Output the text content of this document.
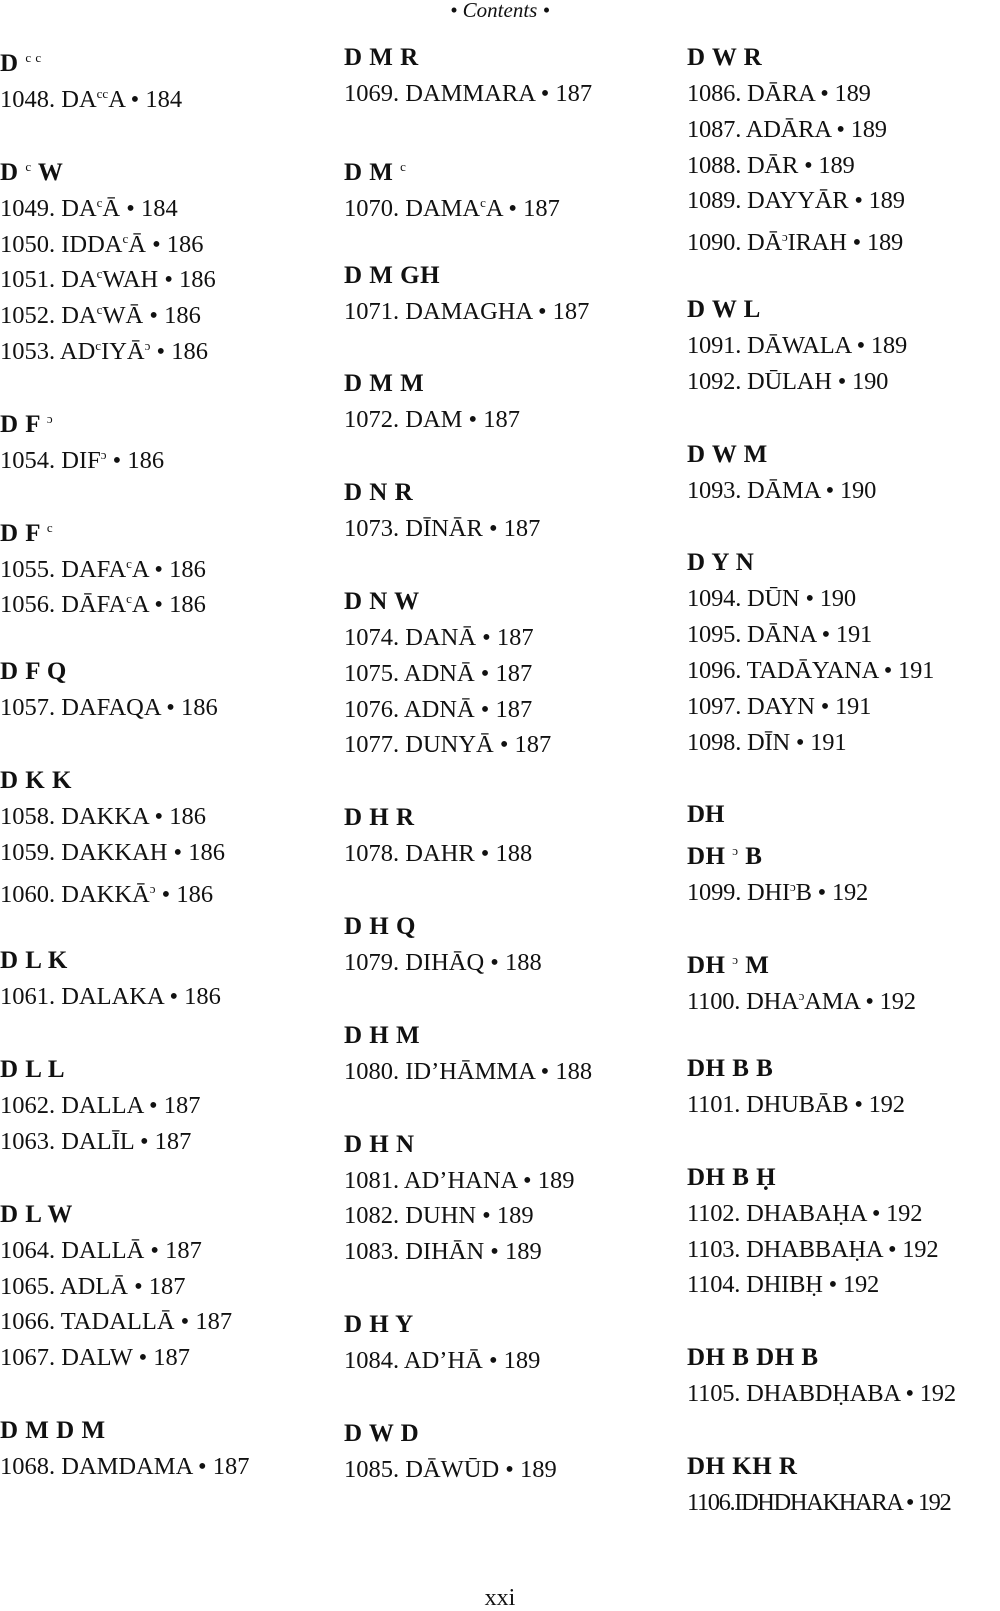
• Contents •
D $^{c c}$
1048. $DA^{cc}A$ • 184
D $^c$ W
1049. $DA^cĀ$ • 184
1050. IDDA$^c$Ā • 186
1051. $DA^cWAH$ • 186
1052. $DA^cWĀ$ • 186
1053. $AD^cIYĀ^ɔ$ • 186
D F $^ɔ$
1054. $DIF^ɔ$ • 186
D F $^c$
1055. DAFA$^c$A • 186
1056. DĀFA$^c$A • 186
D F Q
1057. DAFAQA • 186
D K K
1058. DAKKA • 186
1059. DAKKAH • 186
1060. $DAKKĀ^ɔ$ • 186
D L K
1061. DALAKA • 186
D L L
1062. DALLA • 187
1063. DALĪL • 187
D L W
1064. DALLĀ • 187
1065. ADLĀ • 187
1066. TADALLĀ • 187
1067. DALW • 187
D M D M
1068. DAMDAMA • 187
D M R
1069. DAMMARA • 187
D M $^c$
1070. DAMA$^c$A • 187
D M GH
1071. DAMAGHA • 187
D M M
1072. DAM • 187
D N R
1073. DĪNĀR • 187
D N W
1074. DANĀ • 187
1075. ADNĀ • 187
1076. ADNĀ • 187
1077. DUNYĀ • 187
D H R
1078. DAHR • 188
D H Q
1079. DIHĀQ • 188
D H M
1080. ID’HĀMMA • 188
D H N
1081. AD’HANA • 189
1082. DUHN • 189
1083. DIHĀN • 189
D H Y
1084. AD’HĀ • 189
D W D
1085. DĀWŪD • 189
D W R
1086. DĀRA • 189
1087. ADĀRA • 189
1088. DĀR • 189
1089. DAYYĀR • 189
1090. $DĀ^ɔIRAH$ • 189
D W L
1091. DĀWALA • 189
1092. DŪLAH • 190
D W M
1093. DĀMA • 190
D Y N
1094. DŪN • 190
1095. DĀNA • 191
1096. TADĀYANA • 191
1097. DAYN • 191
1098. DĪN • 191
DH
DH $^ɔ$ B
1099. $DHI^ɔB$ • 192
DH $^ɔ$ M
1100. $DHA^ɔAMA$ • 192
DH B B
1101. DHUBĀB • 192
DH B Ḥ
1102. DHABAḤA • 192
1103. DHABBAḤA • 192
1104. DHIBḤ • 192
DH B DH B
1105. DHABDḤABA • 192
DH KH R
1106.IDHDHAKHARA • 192
xxi
